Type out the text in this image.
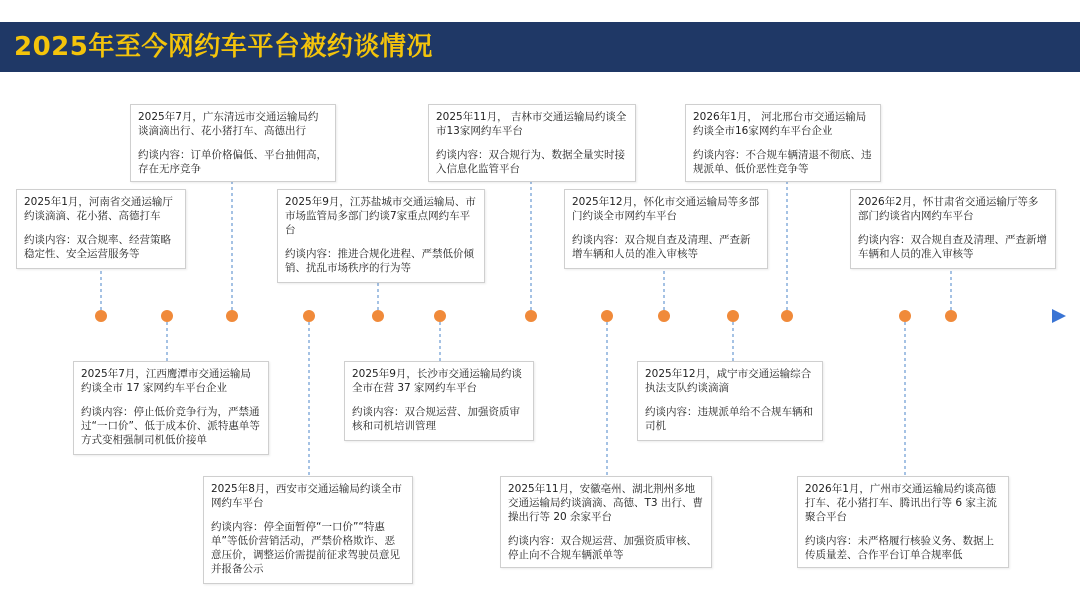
2025年至今网约车平台被约谈情况
2025年1月，河南省交通运输厅约谈滴滴、花小猪、高德打车
约谈内容：双合规率、经营策略稳定性、安全运营服务等
2025年7月，广东清远市交通运输局约谈滴滴出行、花小猪打车、高德出行
约谈内容：订单价格偏低、平台抽佣高，存在无序竞争
2025年9月，江苏盐城市交通运输局、市市场监管局多部门约谈7家重点网约车平台
约谈内容：推进合规化进程、严禁低价倾销、扰乱市场秩序的行为等
2025年11月， 吉林市交通运输局约谈全市13家网约车平台
约谈内容：双合规行为、数据全量实时接入信息化监管平台
2025年12月，怀化市交通运输局等多部门约谈全市网约车平台
约谈内容：双合规自查及清理、严查新增车辆和人员的准入审核等
2026年1月， 河北邢台市交通运输局约谈全市16家网约车平台企业
约谈内容：不合规车辆清退不彻底、违规派单、低价恶性竞争等
2026年2月，怀甘肃省交通运输厅等多部门约谈省内网约车平台
约谈内容：双合规自查及清理、严查新增车辆和人员的准入审核等
2025年7月，江西鹰潭市交通运输局约谈全市 17 家网约车平台企业
约谈内容：停止低价竞争行为，严禁通过“一口价”、低于成本价、派特惠单等方式变相强制司机低价接单
2025年8月，西安市交通运输局约谈全市网约车平台
约谈内容：停全面暂停“一口价”“特惠单”等低价营销活动，严禁价格欺诈、恶意压价，调整运价需提前征求驾驶员意见并报备公示
2025年9月，长沙市交通运输局约谈全市在营 37 家网约车平台
约谈内容：双合规运营、加强资质审核和司机培训管理
2025年11月，安徽亳州、湖北荆州多地交通运输局约谈滴滴、高德、T3 出行、曹操出行等 20 余家平台
约谈内容：双合规运营、加强资质审核、停止向不合规车辆派单等
2025年12月，咸宁市交通运输综合执法支队约谈滴滴
约谈内容：违规派单给不合规车辆和司机
2026年1月，广州市交通运输局约谈高德打车、花小猪打车、腾讯出行等 6 家主流聚合平台
约谈内容：未严格履行核验义务、数据上传质量差、合作平台订单合规率低
